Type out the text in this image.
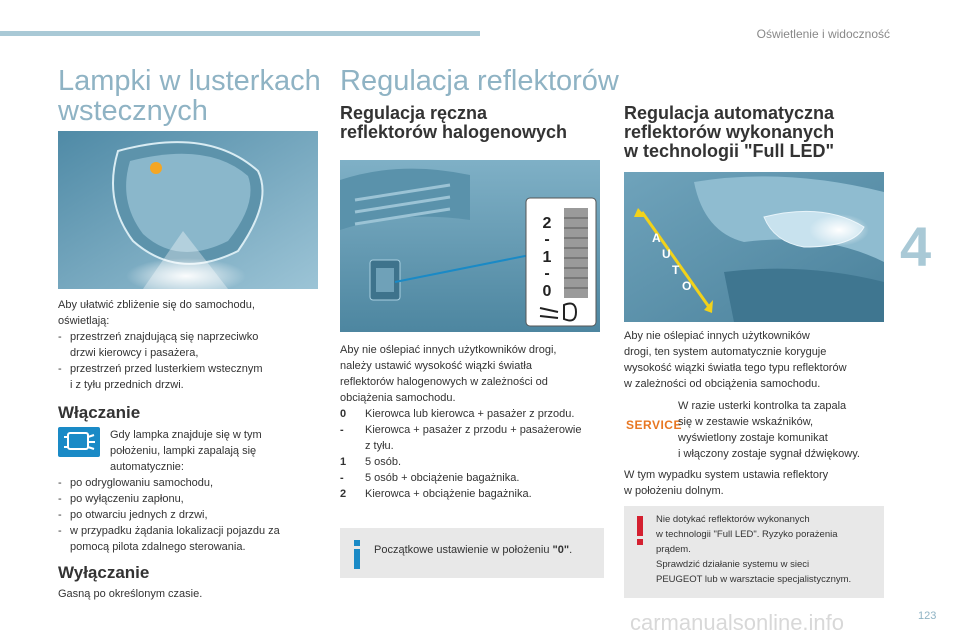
Oświetlenie i widoczność
4
Lampki w lusterkach
wstecznych
Aby ułatwić zbliżenie się do samochodu,
oświetlają:
- przestrzeń znajdującą się naprzeciwko
drzwi kierowcy i pasażera,
- przestrzeń przed lusterkiem wstecznym
i z tyłu przednich drzwi.
Włączanie
Gdy lampka znajduje się w tym
położeniu, lampki zapalają się
automatycznie:
- po odryglowaniu samochodu,
- po wyłączeniu zapłonu,
- po otwarciu jednych z drzwi,
- w przypadku żądania lokalizacji pojazdu za
pomocą pilota zdalnego sterowania.
Wyłączanie
Gasną po określonym czasie.
Regulacja reflektorów
Regulacja ręczna
reflektorów halogenowych
2
-
1
-
0
Aby nie oślepiać innych użytkowników drogi,
należy ustawić wysokość wiązki światła
reflektorów halogenowych w zależności od
obciążenia samochodu.
0	Kierowca lub kierowca + pasażer z przodu.
-	Kierowca + pasażer z przodu + pasażerowie
z tyłu.
1	5 osób.
-	5 osób + obciążenie bagażnika.
2	Kierowca + obciążenie bagażnika.
Początkowe ustawienie w położeniu "0".
Regulacja automatyczna
reflektorów wykonanych
w technologii "Full LED"
A
U
T
O
Aby nie oślepiać innych użytkowników
drogi, ten system automatycznie koryguje
wysokość wiązki światła tego typu reflektorów
w zależności od obciążenia samochodu.
SERVICE
W razie usterki kontrolka ta zapala
się w zestawie wskaźników,
wyświetlony zostaje komunikat
i włączony zostaje sygnał dźwiękowy.
W tym wypadku system ustawia reflektory
w położeniu dolnym.
Nie dotykać reflektorów wykonanych
w technologii "Full LED". Ryzyko porażenia
prądem.
Sprawdzić działanie systemu w sieci
PEUGEOT lub w warsztacie specjalistycznym.
carmanualsonline.info	123
